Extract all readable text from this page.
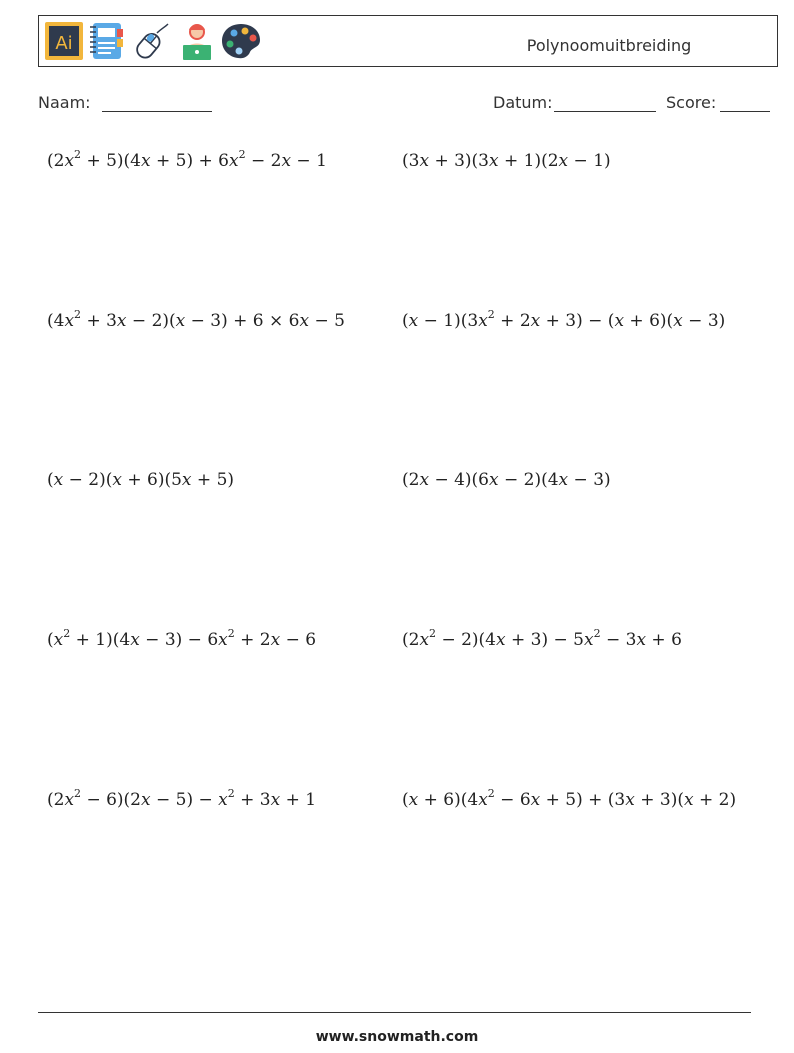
Ai	Polynoomuitbreiding
Naam:	Datum:	Score:
$(2x^2 + 5)(4x + 5) + 6x^2 - 2x - 1$	(3x + 3)(3x + 1)(2x − 1)
$(4x^2 + 3x - 2)(x - 3) + 6 \times 6x - 5$	$(x - 1)(3x^2 + 2x + 3) - (x + 6)(x - 3)$
(x − 2)(x + 6)(5x + 5)	(2x − 4)(6x − 2)(4x − 3)
$(x^2 + 1)(4x - 3) - 6x^2 + 2x - 6$	$(2x^2 - 2)(4x + 3) - 5x^2 - 3x + 6$
$(2x^2 - 6)(2x - 5) - x^2 + 3x + 1$	$(x + 6)(4x^2 - 6x + 5) + (3x + 3)(x + 2)$
www.snowmath.com
